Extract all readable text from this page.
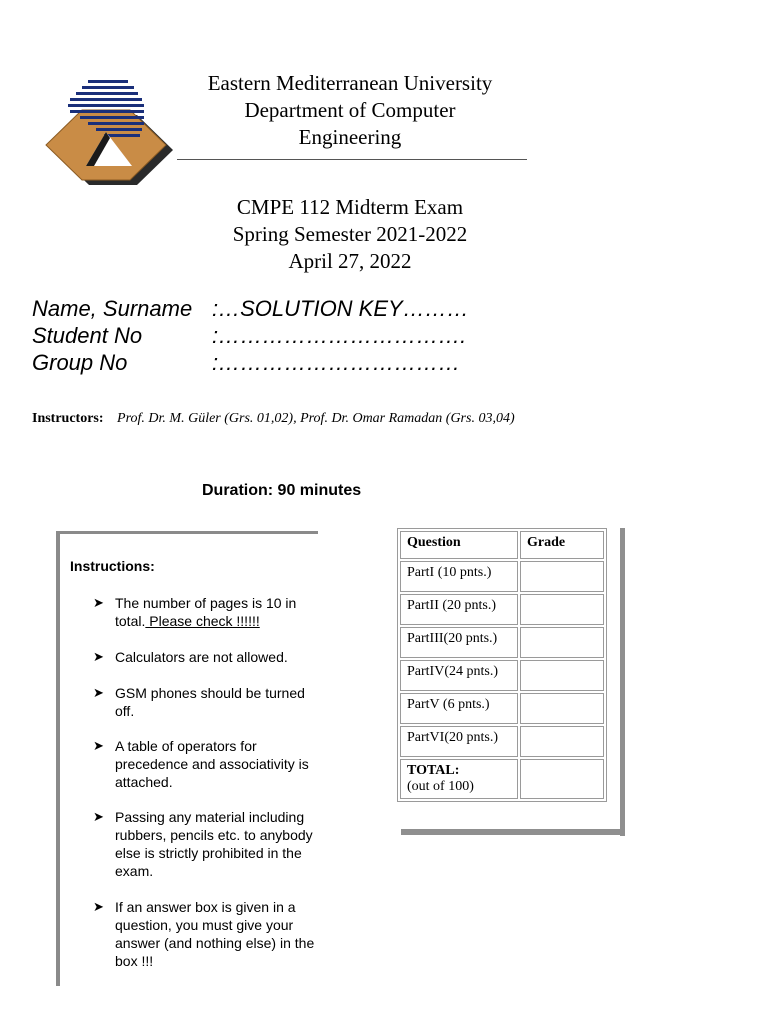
Eastern Mediterranean University
Department of Computer
Engineering
CMPE 112 Midterm Exam
Spring Semester 2021-2022
April 27, 2022
Name, Surname :…SOLUTION KEY………
Student No	:…………………………….
Group No	:……………………………
Instructors: Prof. Dr. M. Güler (Grs. 01,02), Prof. Dr. Omar Ramadan (Grs. 03,04)
Duration: 90 minutes
Instructions:
➤ The number of pages is 10 in total. Please check !!!!!!
➤ Calculators are not allowed.
➤ GSM phones should be turned off.
➤ A table of operators for precedence and associativity is attached.
➤ Passing any material including rubbers, pencils etc. to anybody else is strictly prohibited in the exam.
➤ If an answer box is given in a question, you must give your answer (and nothing else) in the box !!!
Question	Grade
PartI (10 pnts.)	
PartII (20 pnts.)	
PartIII(20 pnts.)	
PartIV(24 pnts.)	
PartV (6 pnts.)	
PartVI(20 pnts.)	
TOTAL:
(out of 100)	
